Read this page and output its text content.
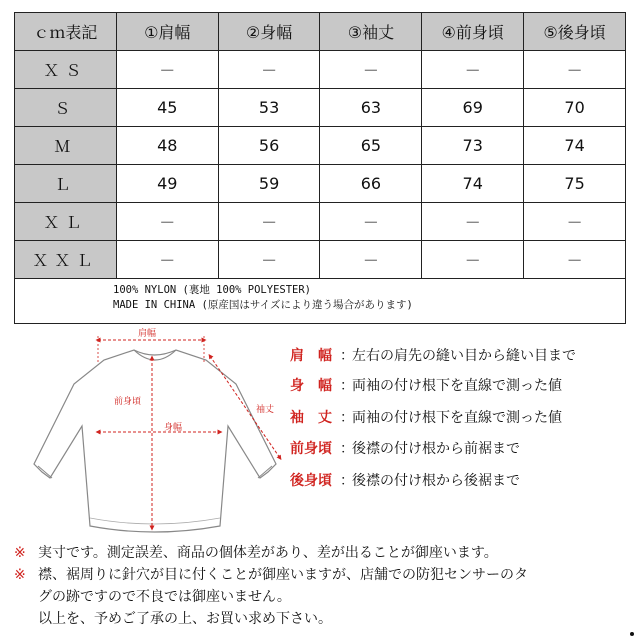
ｃｍ表記	①肩幅	②身幅	③袖丈	④前身頃	⑤後身頃
ＸＳ	－	－	－	－	－
Ｓ	45	53	63	69	70
Ｍ	48	56	65	73	74
Ｌ	49	59	66	74	75
ＸＬ	－	－	－	－	－
ＸＸＬ	－	－	－	－	－

100% NYLON (裏地 100% POLYESTER)
MADE IN CHINA (原産国はサイズにより違う場合があります)					
肩幅
前身頃
身幅
袖丈
肩　幅 ：左右の肩先の縫い目から縫い目まで
身　幅 ：両袖の付け根下を直線で測った値
袖　丈 ：両袖の付け根下を直線で測った値
前身頃 ：後襟の付け根から前裾まで
後身頃 ：後襟の付け根から後裾まで
※ 実寸です。測定誤差、商品の個体差があり、差が出ることが御座います。
※ 襟、裾周りに針穴が目に付くことが御座いますが、店舗での防犯センサーのタ
グの跡ですので不良では御座いません。
以上を、予めご了承の上、お買い求め下さい。
